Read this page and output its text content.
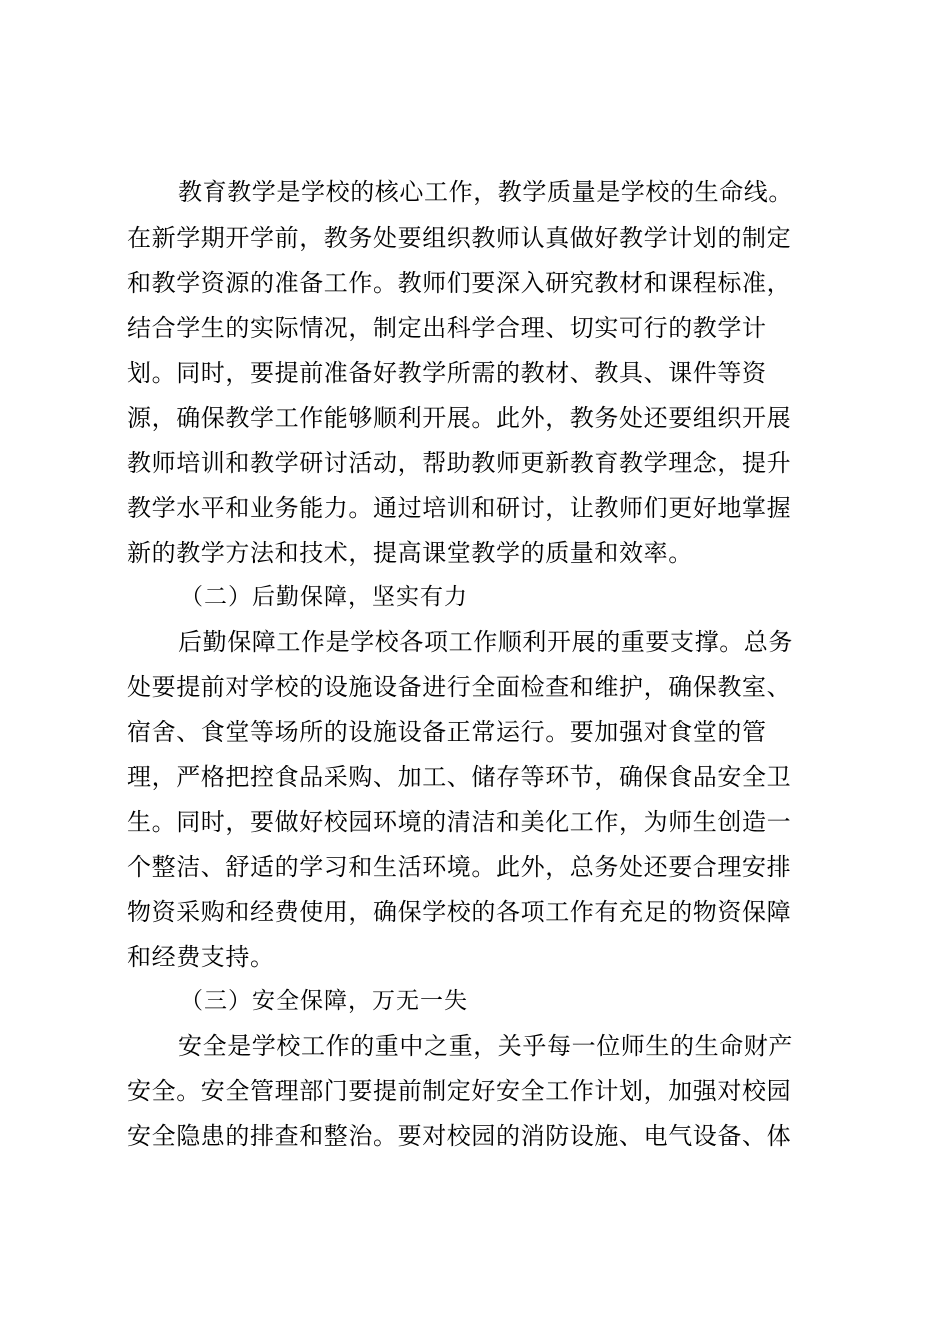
教育教学是学校的核心工作，教学质量是学校的生命线。
在新学期开学前，教务处要组织教师认真做好教学计划的制定
和教学资源的准备工作。教师们要深入研究教材和课程标准，
结合学生的实际情况，制定出科学合理、切实可行的教学计
划。同时，要提前准备好教学所需的教材、教具、课件等资
源，确保教学工作能够顺利开展。此外，教务处还要组织开展
教师培训和教学研讨活动，帮助教师更新教育教学理念，提升
教学水平和业务能力。通过培训和研讨，让教师们更好地掌握
新的教学方法和技术，提高课堂教学的质量和效率。
（二）后勤保障，坚实有力
后勤保障工作是学校各项工作顺利开展的重要支撑。总务
处要提前对学校的设施设备进行全面检查和维护，确保教室、
宿舍、食堂等场所的设施设备正常运行。要加强对食堂的管
理，严格把控食品采购、加工、储存等环节，确保食品安全卫
生。同时，要做好校园环境的清洁和美化工作，为师生创造一
个整洁、舒适的学习和生活环境。此外，总务处还要合理安排
物资采购和经费使用，确保学校的各项工作有充足的物资保障
和经费支持。
（三）安全保障，万无一失
安全是学校工作的重中之重，关乎每一位师生的生命财产
安全。安全管理部门要提前制定好安全工作计划，加强对校园
安全隐患的排查和整治。要对校园的消防设施、电气设备、体
